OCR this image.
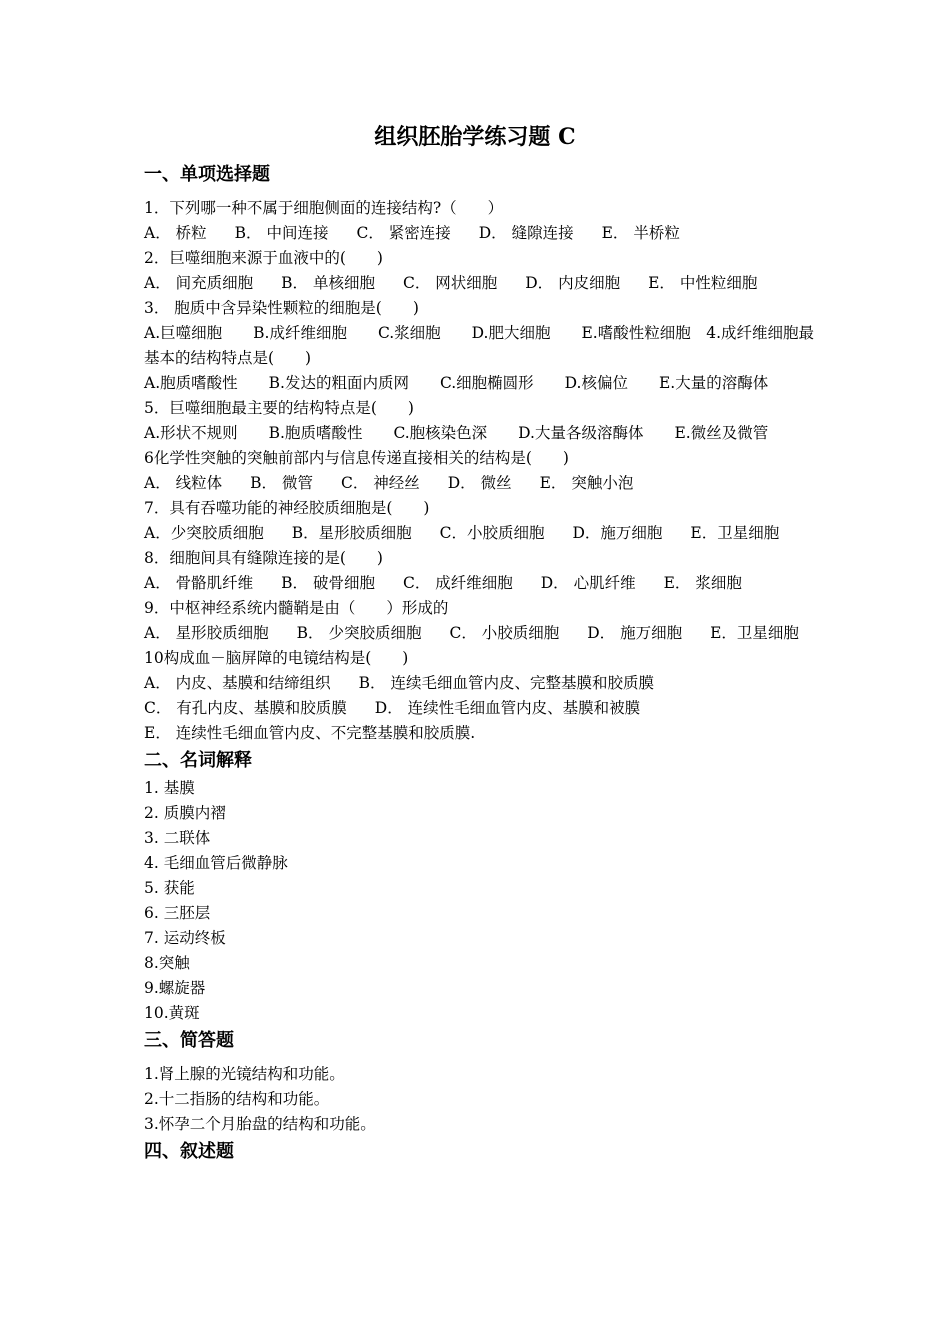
组织胚胎学练习题 C
一、单项选择题
1．下列哪一种不属于细胞侧面的连接结构?（　　）
A． 桥粒 B． 中间连接 C． 紧密连接 D． 缝隙连接 E． 半桥粒
2．巨噬细胞来源于血液中的(　　)
A． 间充质细胞 B． 单核细胞 C． 网状细胞 D． 内皮细胞 E． 中性粒细胞
3． 胞质中含异染性颗粒的细胞是(　　)
A.巨噬细胞　　B.成纤维细胞　　C.浆细胞　　D.肥大细胞　　E.嗜酸性粒细胞　4.成纤维细胞最基本的结构特点是(　　)
A.胞质嗜酸性　　B.发达的粗面内质网　　C.细胞椭圆形　　D.核偏位　　E.大量的溶酶体
5．巨噬细胞最主要的结构特点是(　　)
A.形状不规则　　B.胞质嗜酸性　　C.胞核染色深　　D.大量各级溶酶体　　E.微丝及微管
6化学性突触的突触前部内与信息传递直接相关的结构是(　　)
A． 线粒体 B． 微管 C． 神经丝 D． 微丝 E． 突触小泡
7．具有吞噬功能的神经胶质细胞是(　　)
A．少突胶质细胞 B．星形胶质细胞 C．小胶质细胞 D．施万细胞 E．卫星细胞
8．细胞间具有缝隙连接的是(　　)
A． 骨骼肌纤维 B． 破骨细胞 C． 成纤维细胞 D． 心肌纤维 E． 浆细胞
9．中枢神经系统内髓鞘是由（　　）形成的
A． 星形胶质细胞 B． 少突胶质细胞 C． 小胶质细胞 D． 施万细胞 E．卫星细胞
10构成血－脑屏障的电镜结构是(　　)
A． 内皮、基膜和结缔组织 B． 连续毛细血管内皮、完整基膜和胶质膜
C． 有孔内皮、基膜和胶质膜 D． 连续性毛细血管内皮、基膜和被膜
E． 连续性毛细血管内皮、不完整基膜和胶质膜.
二、名词解释
1. 基膜
2. 质膜内褶
3. 二联体
4. 毛细血管后微静脉
5. 获能
6. 三胚层
7. 运动终板
8.突触
9.螺旋器
10.黄斑
三、简答题
1.肾上腺的光镜结构和功能。
2.十二指肠的结构和功能。
3.怀孕二个月胎盘的结构和功能。
四、叙述题
